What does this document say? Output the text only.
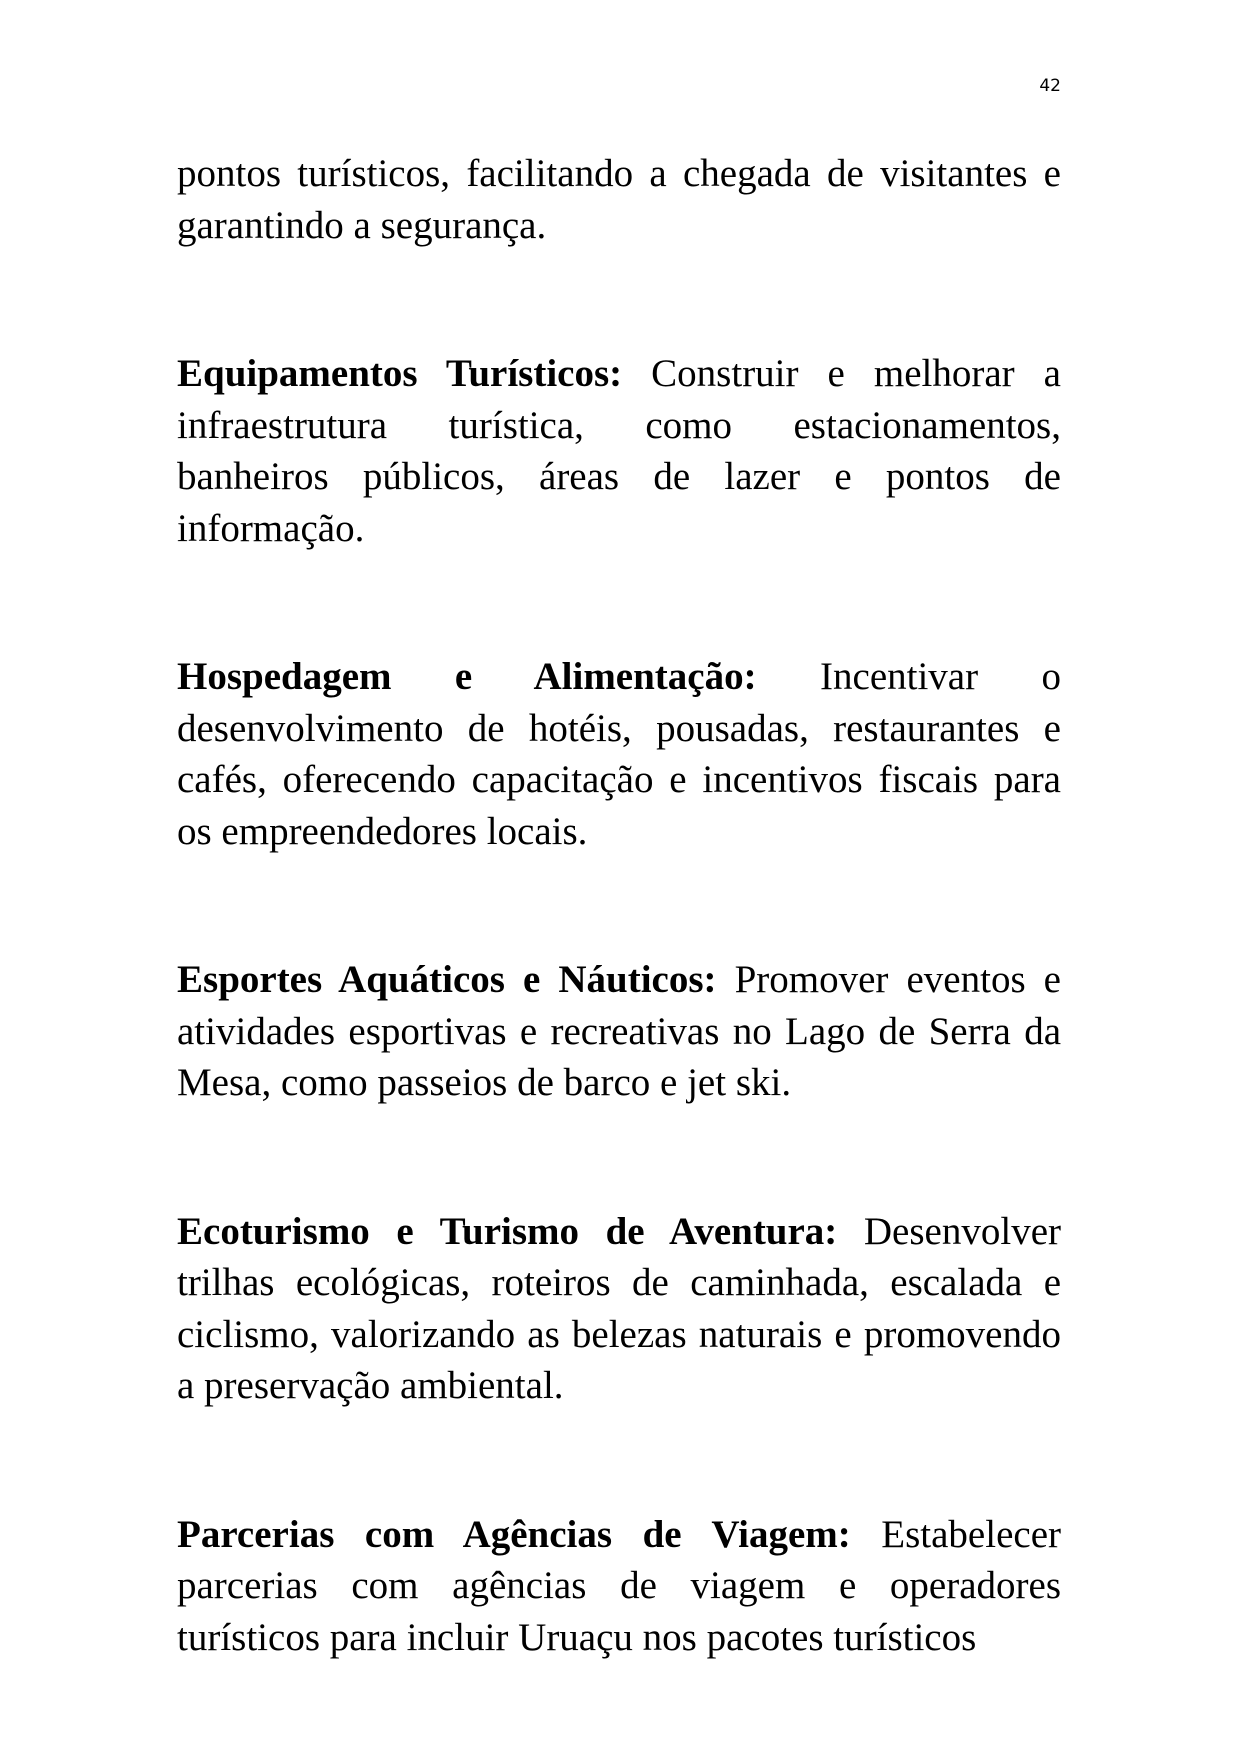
42

pontos turísticos, facilitando a chegada de visitantes e garantindo a segurança.

Equipamentos Turísticos: Construir e melhorar a infraestrutura turística, como estacionamentos, banheiros públicos, áreas de lazer e pontos de informação.

Hospedagem e Alimentação: Incentivar o desenvolvimento de hotéis, pousadas, restaurantes e cafés, oferecendo capacitação e incentivos fiscais para os empreendedores locais.

Esportes Aquáticos e Náuticos: Promover eventos e atividades esportivas e recreativas no Lago de Serra da Mesa, como passeios de barco e jet ski.

Ecoturismo e Turismo de Aventura: Desenvolver trilhas ecológicas, roteiros de caminhada, escalada e ciclismo, valorizando as belezas naturais e promovendo a preservação ambiental.

Parcerias com Agências de Viagem: Estabelecer parcerias com agências de viagem e operadores turísticos para incluir Uruaçu nos pacotes turísticos
